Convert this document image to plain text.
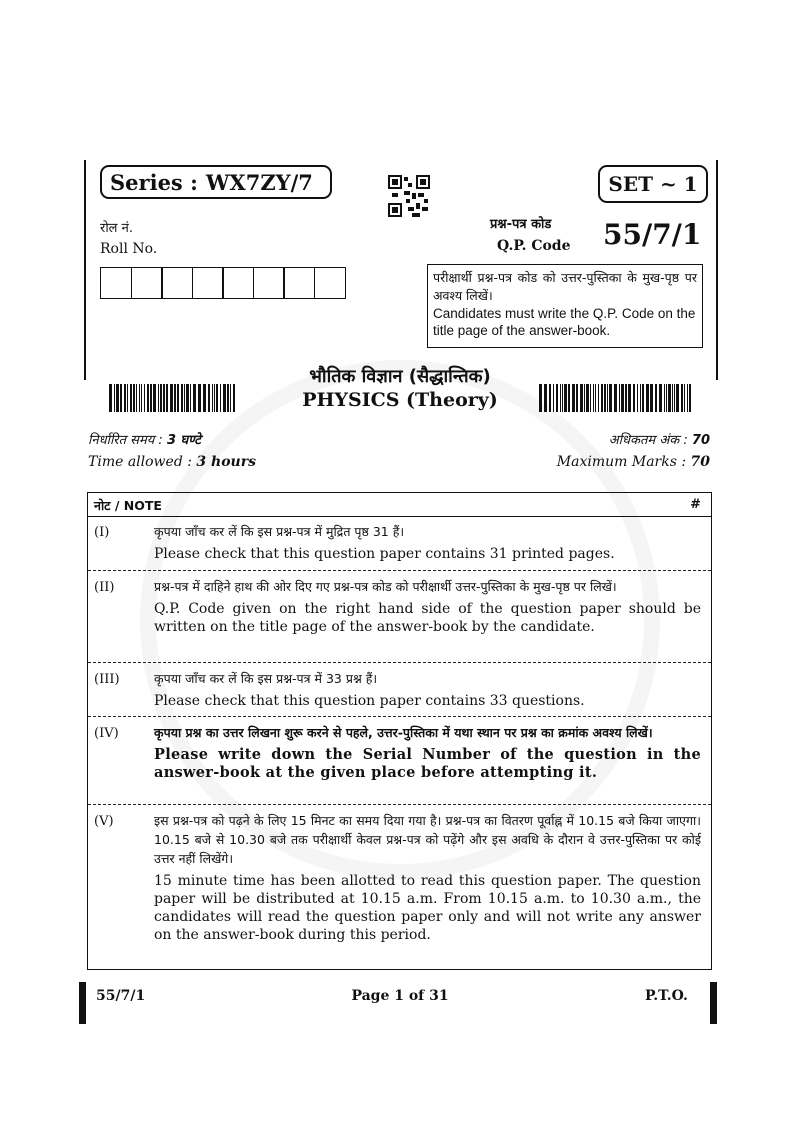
Series : WX7ZY/7	SET ~ 1
रोल नं.
Roll No.
प्रश्न-पत्र कोड
Q.P. Code 55/7/1
परीक्षार्थी प्रश्न-पत्र कोड को उत्तर-पुस्तिका के मुख-पृष्ठ पर अवश्य लिखें।
Candidates must write the Q.P. Code on the title page of the answer-book.
भौतिक विज्ञान (सैद्धान्तिक)
PHYSICS (Theory)
निर्धारित समय : 3 घण्टे
Time allowed : 3 hours
अधिकतम अंक : 70
Maximum Marks : 70
नोट / NOTE	#
(I)	कृपया जाँच कर लें कि इस प्रश्न-पत्र में मुद्रित पृष्ठ 31 हैं।
Please check that this question paper contains 31 printed pages.
(II)	प्रश्न-पत्र में दाहिने हाथ की ओर दिए गए प्रश्न-पत्र कोड को परीक्षार्थी उत्तर-पुस्तिका के मुख-पृष्ठ पर लिखें।
Q.P. Code given on the right hand side of the question paper should be written on the title page of the answer-book by the candidate.
(III)	कृपया जाँच कर लें कि इस प्रश्न-पत्र में 33 प्रश्न हैं।
Please check that this question paper contains 33 questions.
(IV)	कृपया प्रश्न का उत्तर लिखना शुरू करने से पहले, उत्तर-पुस्तिका में यथा स्थान पर प्रश्न का क्रमांक अवश्य लिखें।
Please write down the Serial Number of the question in the answer-book at the given place before attempting it.
(V)	इस प्रश्न-पत्र को पढ़ने के लिए 15 मिनट का समय दिया गया है। प्रश्न-पत्र का वितरण पूर्वाह्न में 10.15 बजे किया जाएगा। 10.15 बजे से 10.30 बजे तक परीक्षार्थी केवल प्रश्न-पत्र को पढ़ेंगे और इस अवधि के दौरान वे उत्तर-पुस्तिका पर कोई उत्तर नहीं लिखेंगे।
15 minute time has been allotted to read this question paper. The question paper will be distributed at 10.15 a.m. From 10.15 a.m. to 10.30 a.m., the candidates will read the question paper only and will not write any answer on the answer-book during this period.
55/7/1	Page 1 of 31	P.T.O.
